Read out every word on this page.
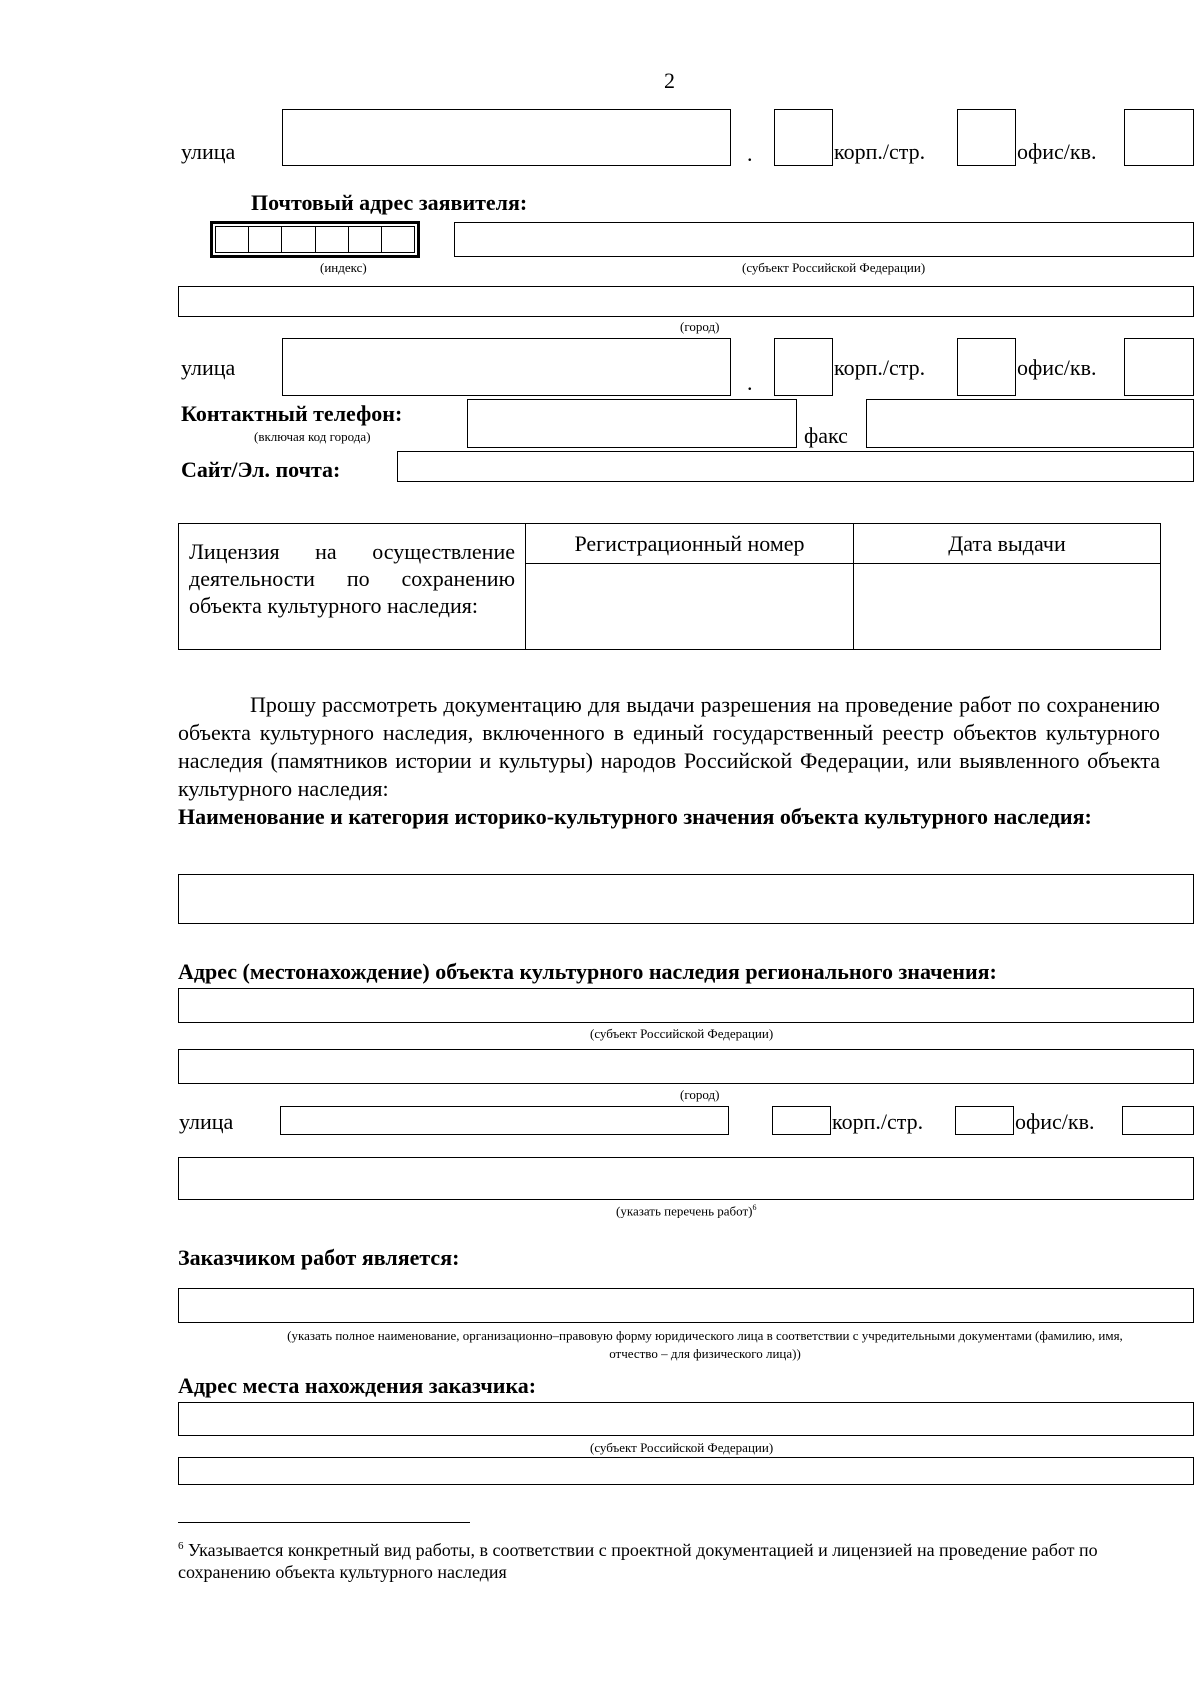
2
улица	.	корп./стр.	офис/кв.
Почтовый адрес заявителя:
(индекс)	(субъект Российской Федерации)
(город)
улица
.
корп./стр.	офис/кв.
Контактный телефон:
(включая код города)	факс
Сайт/Эл. почта:
Лицензия на осуществление деятельности по сохранению объекта культурного наследия:	Регистрационный номер	Дата выдачи

Прошу рассмотреть документацию для выдачи разрешения на проведение работ по сохранению объекта культурного наследия, включенного в единый государственный реестр объектов культурного наследия (памятников истории и культуры) народов Российской Федерации, или выявленного объекта культурного наследия:
Наименование и категория историко-культурного значения объекта культурного наследия:
Адрес (местонахождение) объекта культурного наследия регионального значения:
(субъект Российской Федерации)
(город)
улица	корп./стр.	офис/кв.
(указать перечень работ)$^6$
Заказчиком работ является:
(указать полное наименование, организационно–правовую форму юридического лица в соответствии с учредительными документами (фамилию, имя, отчество – для физического лица))
Адрес места нахождения заказчика:
(субъект Российской Федерации)
$^6$ Указывается конкретный вид работы, в соответствии с проектной документацией и лицензией на проведение работ по сохранению объекта культурного наследия
